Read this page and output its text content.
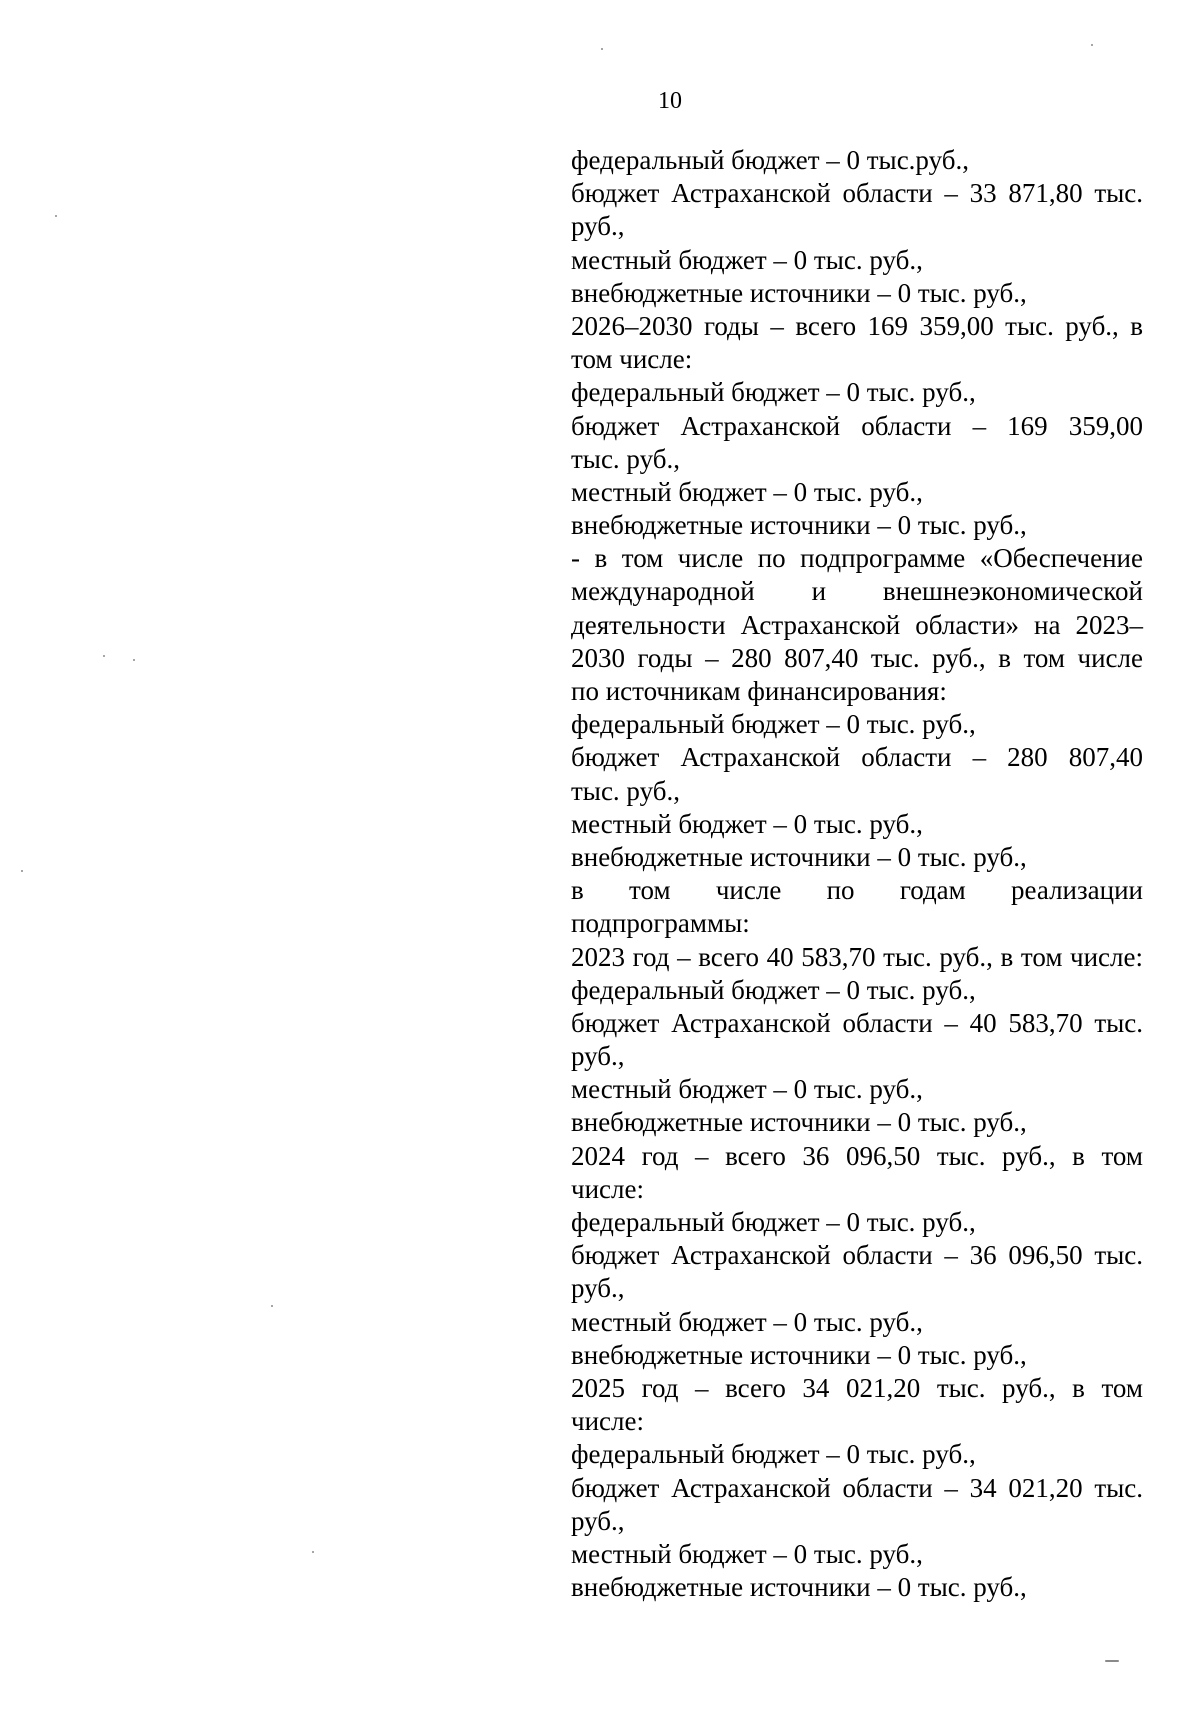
10
федеральный бюджет – 0 тыс.руб.,
бюджет Астраханской области – 33 871,80 тыс.
руб.,
местный бюджет – 0 тыс. руб.,
внебюджетные источники – 0 тыс. руб.,
2026–2030 годы – всего 169 359,00 тыс. руб., в
том числе:
федеральный бюджет – 0 тыс. руб.,
бюджет Астраханской области – 169 359,00
тыс. руб.,
местный бюджет – 0 тыс. руб.,
внебюджетные источники – 0 тыс. руб.,
- в том числе по подпрограмме «Обеспечение
международной и внешнеэкономической
деятельности Астраханской области» на 2023–
2030 годы – 280 807,40 тыс. руб., в том числе
по источникам финансирования:
федеральный бюджет – 0 тыс. руб.,
бюджет Астраханской области – 280 807,40
тыс. руб.,
местный бюджет – 0 тыс. руб.,
внебюджетные источники – 0 тыс. руб.,
в том числе по годам реализации
подпрограммы:
2023 год – всего 40 583,70 тыс. руб., в том числе:
федеральный бюджет – 0 тыс. руб.,
бюджет Астраханской области – 40 583,70 тыс.
руб.,
местный бюджет – 0 тыс. руб.,
внебюджетные источники – 0 тыс. руб.,
2024 год – всего 36 096,50 тыс. руб., в том
числе:
федеральный бюджет – 0 тыс. руб.,
бюджет Астраханской области – 36 096,50 тыс.
руб.,
местный бюджет – 0 тыс. руб.,
внебюджетные источники – 0 тыс. руб.,
2025 год – всего 34 021,20 тыс. руб., в том
числе:
федеральный бюджет – 0 тыс. руб.,
бюджет Астраханской области – 34 021,20 тыс.
руб.,
местный бюджет – 0 тыс. руб.,
внебюджетные источники – 0 тыс. руб.,
